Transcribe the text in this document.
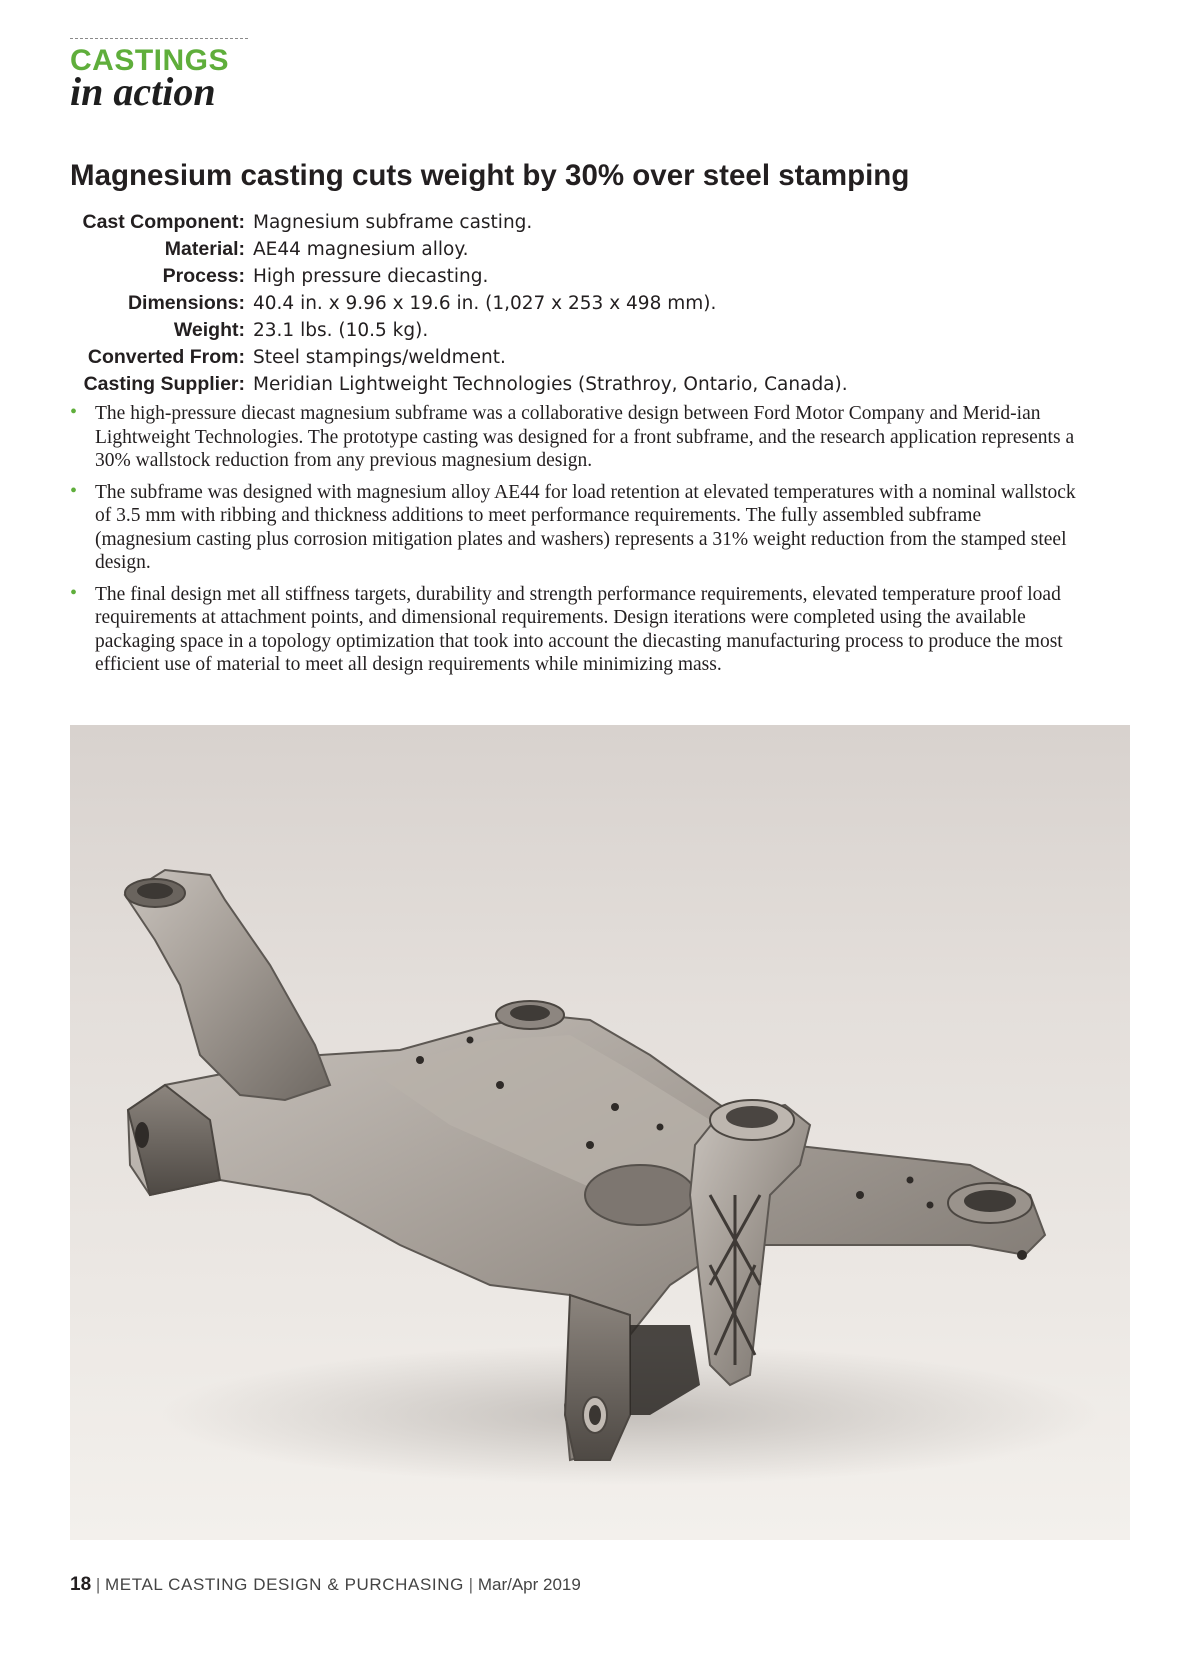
CASTINGS
in action
Magnesium casting cuts weight by 30% over steel stamping
Cast Component: Magnesium subframe casting.
Material: AE44 magnesium alloy.
Process: High pressure diecasting.
Dimensions: 40.4 in. x 9.96 x 19.6 in. (1,027 x 253 x 498 mm).
Weight: 23.1 lbs. (10.5 kg).
Converted From: Steel stampings/weldment.
Casting Supplier: Meridian Lightweight Technologies (Strathroy, Ontario, Canada).
• The high-pressure diecast magnesium subframe was a collaborative design between Ford Motor Company and Merid-ian Lightweight Technologies. The prototype casting was designed for a front subframe, and the research application represents a 30% wallstock reduction from any previous magnesium design.
• The subframe was designed with magnesium alloy AE44 for load retention at elevated temperatures with a nominal wallstock of 3.5 mm with ribbing and thickness additions to meet performance requirements. The fully assembled subframe (magnesium casting plus corrosion mitigation plates and washers) represents a 31% weight reduction from the stamped steel design.
• The final design met all stiffness targets, durability and strength performance requirements, elevated temperature proof load requirements at attachment points, and dimensional requirements. Design iterations were completed using the available packaging space in a topology optimization that took into account the diecasting manufacturing process to produce the most efficient use of material to meet all design requirements while minimizing mass.
18 | METAL CASTING DESIGN & PURCHASING | Mar/Apr 2019
